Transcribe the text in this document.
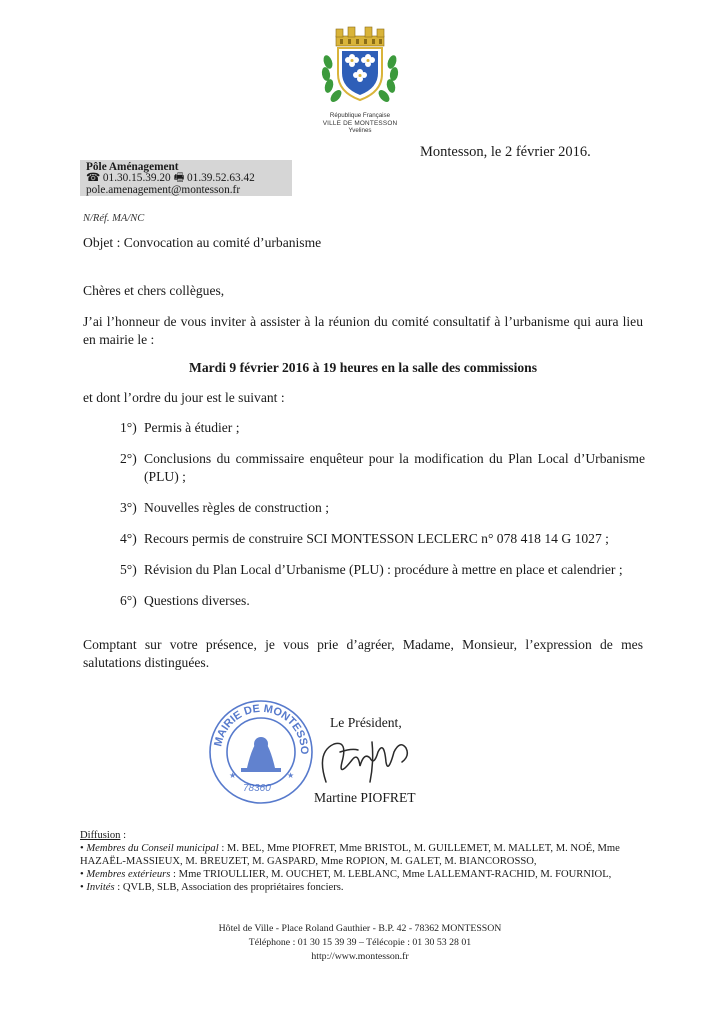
République Française
VILLE DE MONTESSON
Yvelines
Montesson, le 2 février 2016.
Pôle Aménagement
☎ 01.30.15.39.20 🖷 01.39.52.63.42
pole.amenagement@montesson.fr
N/Réf. MA/NC
Objet : Convocation au comité d’urbanisme
Chères et chers collègues,
J’ai l’honneur de vous inviter à assister à la réunion du comité consultatif à l’urbanisme qui aura lieu en mairie le :
Mardi 9 février 2016 à 19 heures en la salle des commissions
et dont l’ordre du jour est le suivant :
1°) Permis à étudier ;
2°) Conclusions du commissaire enquêteur pour la modification du Plan Local d’Urbanisme (PLU) ;
3°) Nouvelles règles de construction ;
4°) Recours permis de construire SCI MONTESSON LECLERC n° 078 418 14 G 1027 ;
5°) Révision du Plan Local d’Urbanisme (PLU) : procédure à mettre en place et calendrier ;
6°) Questions diverses.
Comptant sur votre présence, je vous prie d’agréer, Madame, Monsieur, l’expression de mes salutations distinguées.
MAIRIE DE MONTESSO
78360
★	★
Le Président,
Martine PIOFRET
Diffusion :
• Membres du Conseil municipal : M. BEL, Mme PIOFRET, Mme BRISTOL, M. GUILLEMET, M. MALLET, M. NOÉ, Mme HAZAËL-MASSIEUX, M. BREUZET, M. GASPARD, Mme ROPION, M. GALET, M. BIANCOROSSO,
• Membres extérieurs : Mme TRIOULLIER, M. OUCHET, M. LEBLANC, Mme LALLEMANT-RACHID, M. FOURNIOL,
• Invités : QVLB, SLB, Association des propriétaires fonciers.
Hôtel de Ville - Place Roland Gauthier - B.P. 42 - 78362 MONTESSON
Téléphone : 01 30 15 39 39 – Télécopie : 01 30 53 28 01
http://www.montesson.fr
